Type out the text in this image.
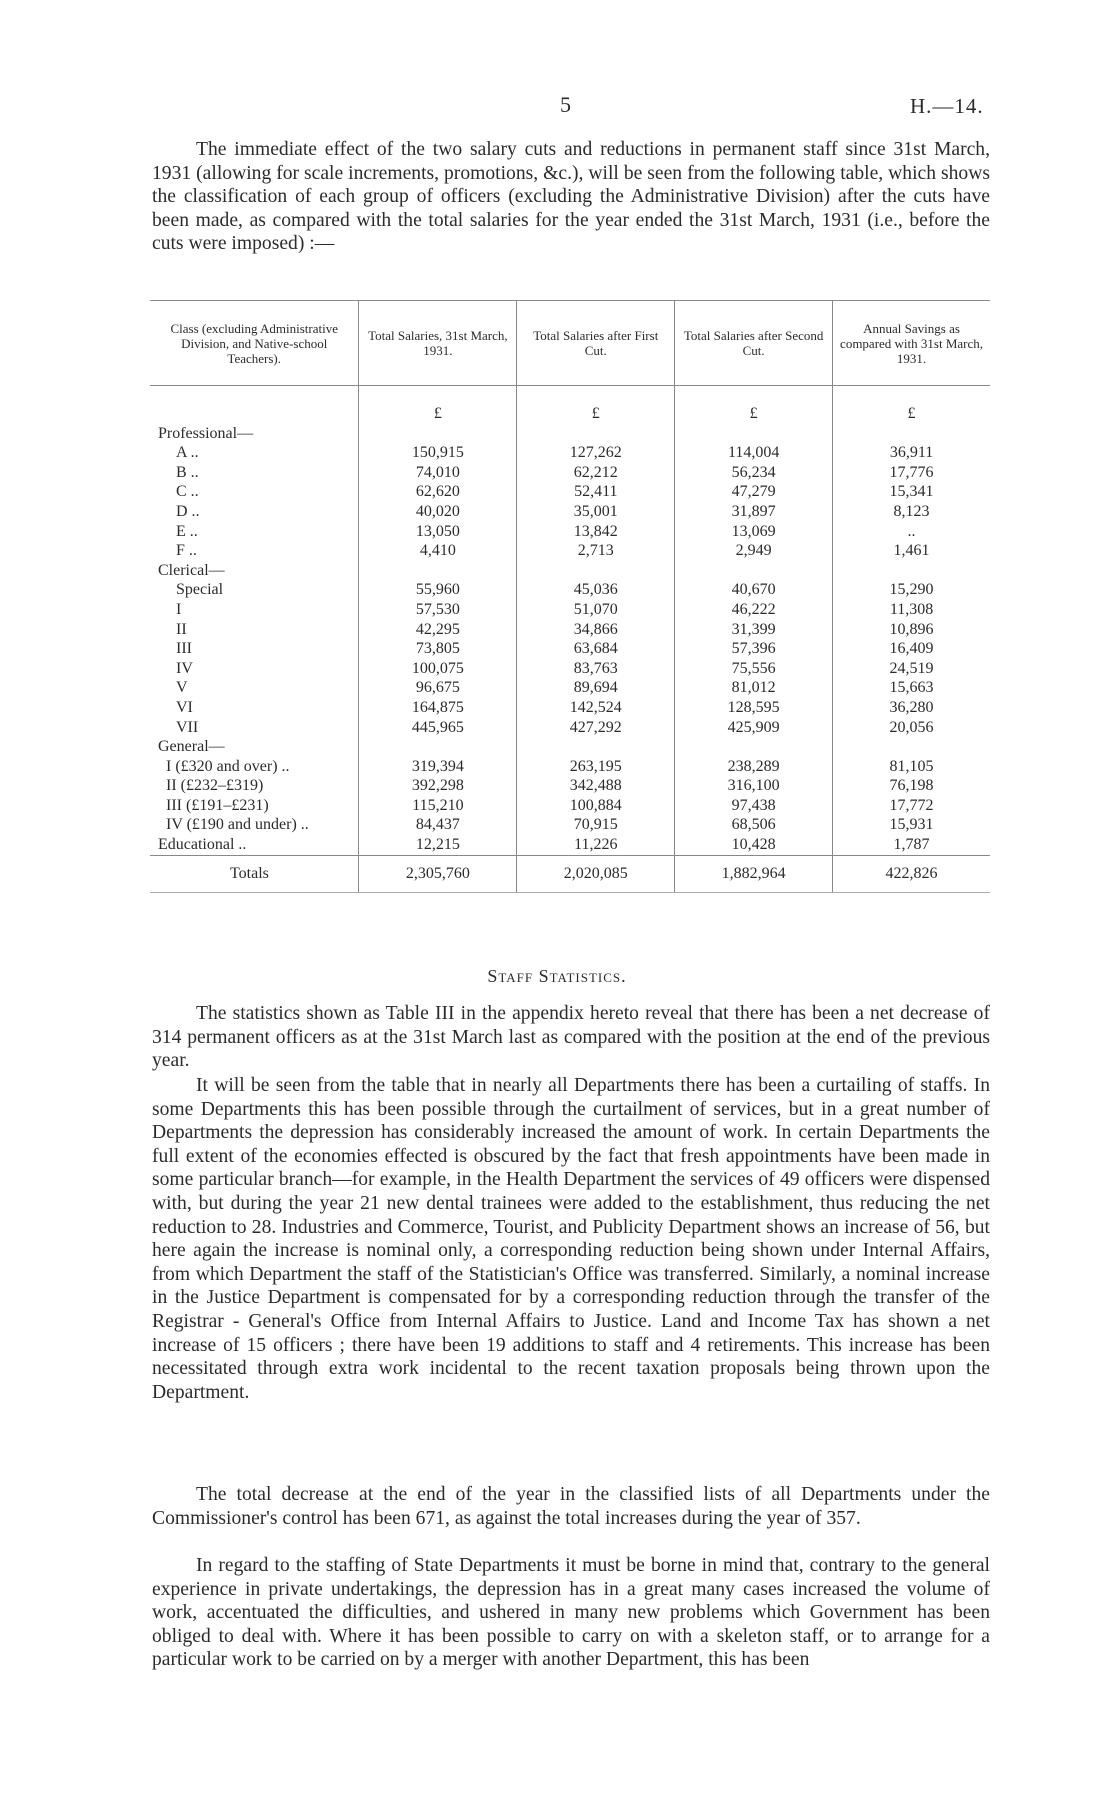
5	H.—14.

The immediate effect of the two salary cuts and reductions in permanent staff since 31st March, 1931 (allowing for scale increments, promotions, &c.), will be seen from the following table, which shows the classification of each group of officers (excluding the Administrative Division) after the cuts have been made, as compared with the total salaries for the year ended the 31st March, 1931 (i.e., before the cuts were imposed) :—

Class (excluding Administrative Division, and Native-school Teachers).	Total Salaries, 31st March, 1931.	Total Salaries after First Cut.	Total Salaries after Second Cut.	Annual Savings as compared with 31st March, 1931.
	£	£	£	£
Professional—				
A ..	150,915	127,262	114,004	36,911
B ..	74,010	62,212	56,234	17,776
C ..	62,620	52,411	47,279	15,341
D ..	40,020	35,001	31,897	8,123
E ..	13,050	13,842	13,069	..
F ..	4,410	2,713	2,949	1,461
Clerical—				
Special	55,960	45,036	40,670	15,290
I	57,530	51,070	46,222	11,308
II	42,295	34,866	31,399	10,896
III	73,805	63,684	57,396	16,409
IV	100,075	83,763	75,556	24,519
V	96,675	89,694	81,012	15,663
VI	164,875	142,524	128,595	36,280
VII	445,965	427,292	425,909	20,056
General—				
I (£320 and over) ..	319,394	263,195	238,289	81,105
II (£232–£319)	392,298	342,488	316,100	76,198
III (£191–£231)	115,210	100,884	97,438	17,772
IV (£190 and under) ..	84,437	70,915	68,506	15,931
Educational ..	12,215	11,226	10,428	1,787
Totals	2,305,760	2,020,085	1,882,964	422,826
Staff Statistics.

The statistics shown as Table III in the appendix hereto reveal that there has been a net decrease of 314 permanent officers as at the 31st March last as compared with the position at the end of the previous year.

It will be seen from the table that in nearly all Departments there has been a curtailing of staffs. In some Departments this has been possible through the curtailment of services, but in a great number of Departments the depression has considerably increased the amount of work. In certain Departments the full extent of the economies effected is obscured by the fact that fresh appointments have been made in some particular branch—for example, in the Health Department the services of 49 officers were dispensed with, but during the year 21 new dental trainees were added to the establishment, thus reducing the net reduction to 28. Industries and Commerce, Tourist, and Publicity Department shows an increase of 56, but here again the increase is nominal only, a corresponding reduction being shown under Internal Affairs, from which Department the staff of the Statistician's Office was transferred. Similarly, a nominal increase in the Justice Department is compensated for by a corresponding reduction through the transfer of the Registrar - General's Office from Internal Affairs to Justice. Land and Income Tax has shown a net increase of 15 officers ; there have been 19 additions to staff and 4 retirements. This increase has been necessitated through extra work incidental to the recent taxation proposals being thrown upon the Department.

The total decrease at the end of the year in the classified lists of all Departments under the Commissioner's control has been 671, as against the total increases during the year of 357.

In regard to the staffing of State Departments it must be borne in mind that, contrary to the general experience in private undertakings, the depression has in a great many cases increased the volume of work, accentuated the difficulties, and ushered in many new problems which Government has been obliged to deal with. Where it has been possible to carry on with a skeleton staff, or to arrange for a particular work to be carried on by a merger with another Department, this has been
